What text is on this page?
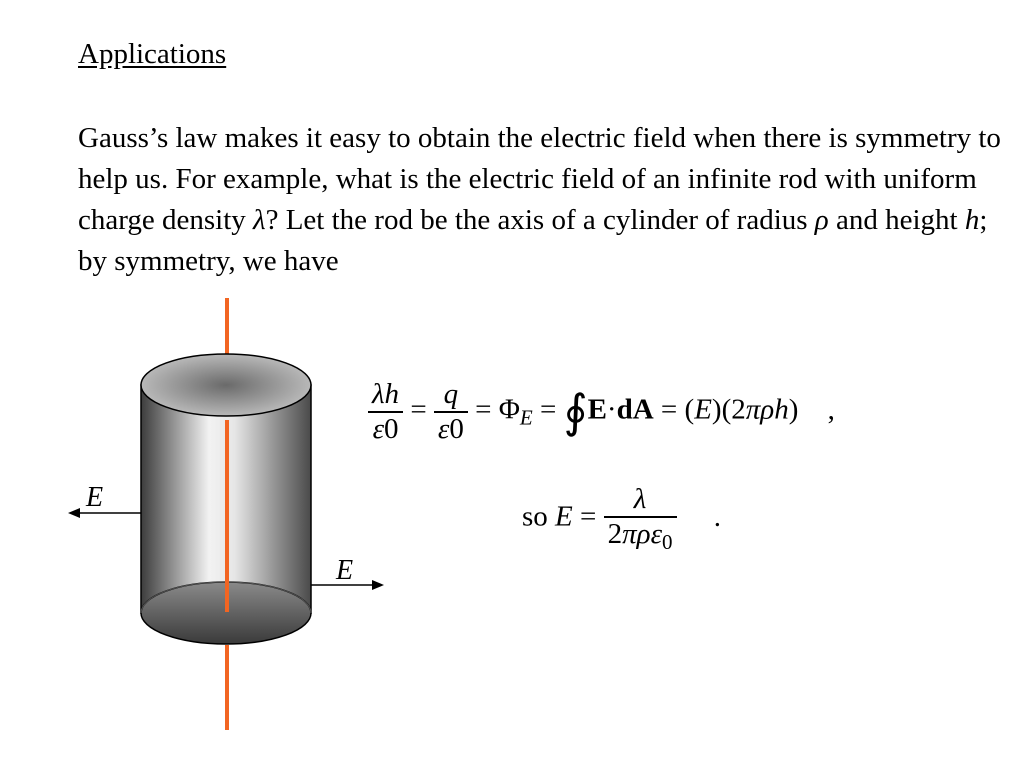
Applications
Gauss’s law makes it easy to obtain the electric field when there is symmetry to help us. For example, what is the electric field of an infinite rod with uniform charge density λ? Let the rod be the axis of a cylinder of radius ρ and height h; by symmetry, we have
E
E
$\frac{\lambda h}{\varepsilon 0} = \frac{q}{\varepsilon 0} = \Phi_E$ = ∮E·dA = (E)(2πρh) ,
so $E = \frac{\lambda}{2\pi\rho\varepsilon_0}$ .
